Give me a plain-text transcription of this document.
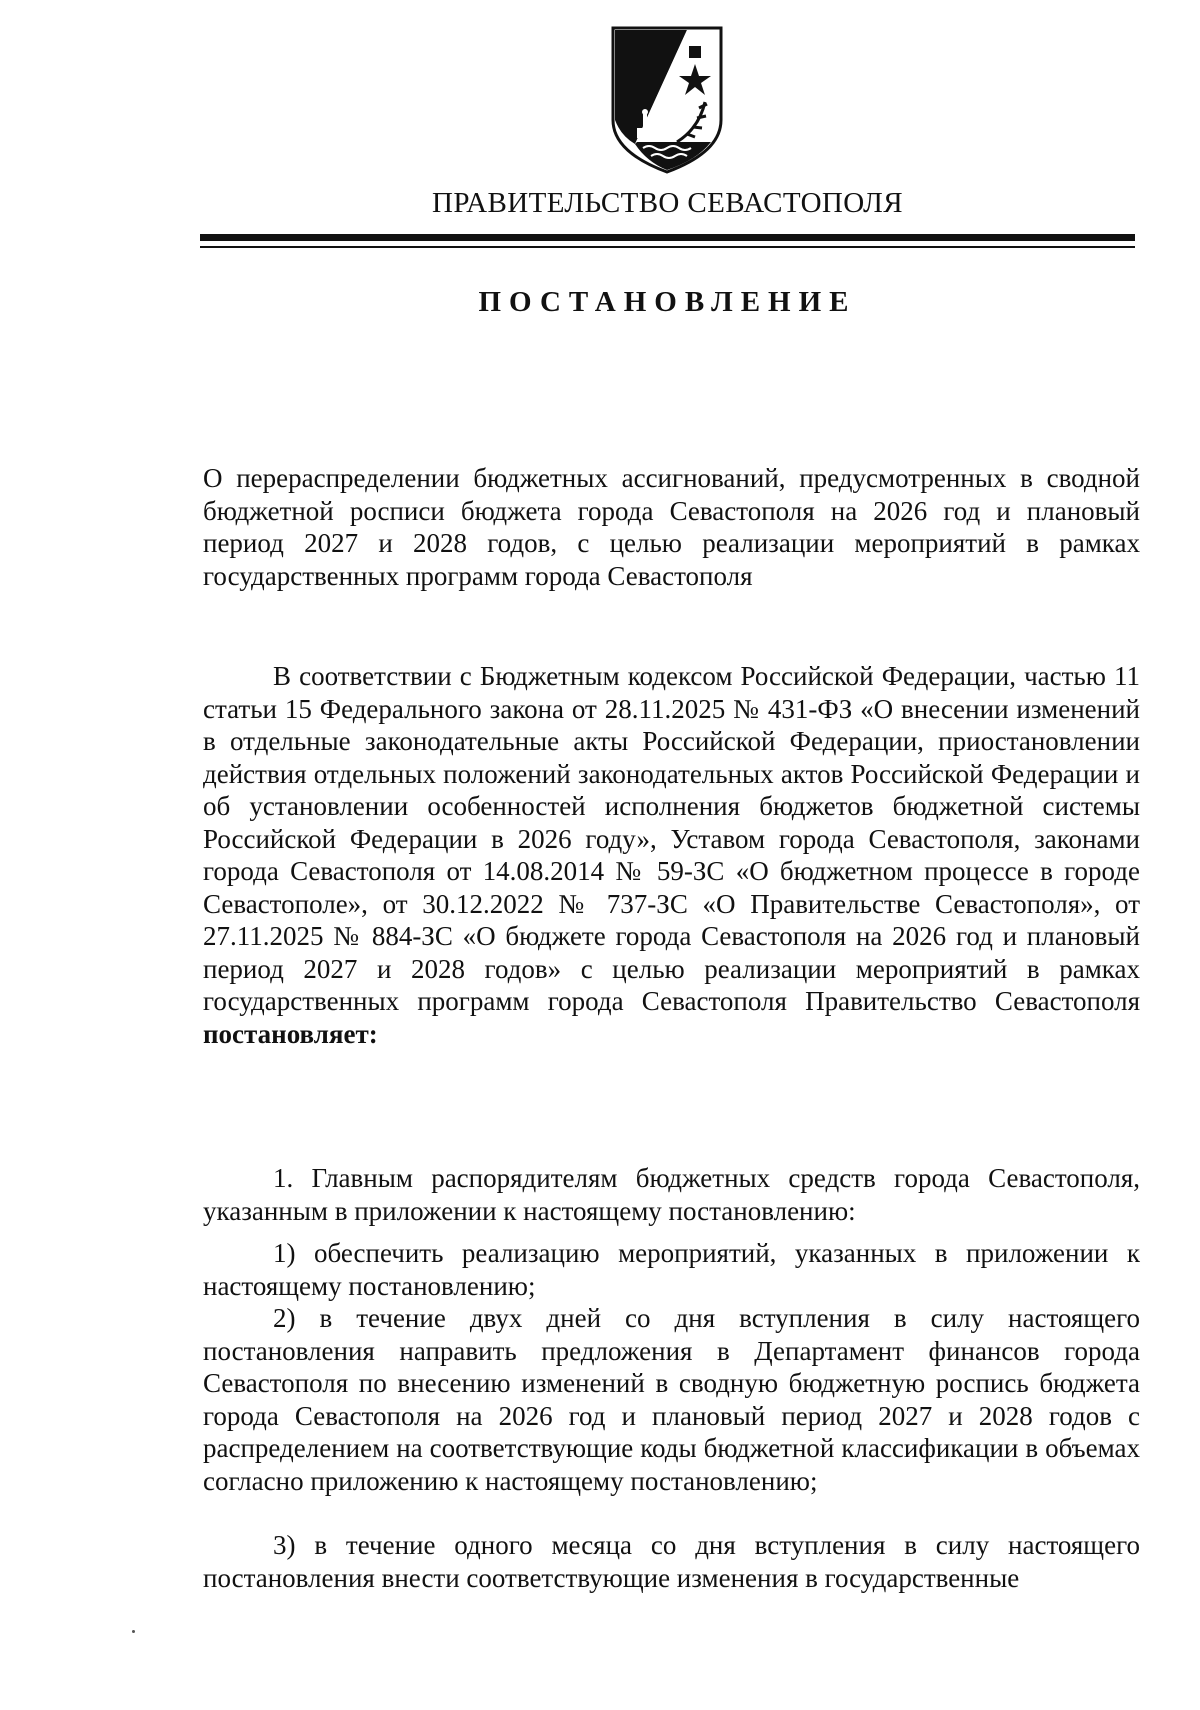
ПРАВИТЕЛЬСТВО СЕВАСТОПОЛЯ
ПОСТАНОВЛЕНИЕ
О перераспределении бюджетных ассигнований, предусмотренных в сводной бюджетной росписи бюджета города Севастополя на 2026 год и плановый период 2027 и 2028 годов, с целью реализации мероприятий в рамках государственных программ города Севастополя
В соответствии с Бюджетным кодексом Российской Федерации, частью 11 статьи 15 Федерального закона от 28.11.2025 № 431-ФЗ «О внесении изменений в отдельные законодательные акты Российской Федерации, приостановлении действия отдельных положений законодательных актов Российской Федерации и об установлении особенностей исполнения бюджетов бюджетной системы Российской Федерации в 2026 году», Уставом города Севастополя, законами города Севастополя от 14.08.2014 № 59-ЗС «О бюджетном процессе в городе Севастополе», от 30.12.2022 № 737-ЗС «О Правительстве Севастополя», от 27.11.2025 № 884-ЗС «О бюджете города Севастополя на 2026 год и плановый период 2027 и 2028 годов» с целью реализации мероприятий в рамках государственных программ города Севастополя Правительство Севастополя постановляет:
1. Главным распорядителям бюджетных средств города Севастополя, указанным в приложении к настоящему постановлению:
1) обеспечить реализацию мероприятий, указанных в приложении к настоящему постановлению;
2) в течение двух дней со дня вступления в силу настоящего постановления направить предложения в Департамент финансов города Севастополя по внесению изменений в сводную бюджетную роспись бюджета города Севастополя на 2026 год и плановый период 2027 и 2028 годов с распределением на соответствующие коды бюджетной классификации в объемах согласно приложению к настоящему постановлению;
3) в течение одного месяца со дня вступления в силу настоящего постановления внести соответствующие изменения в государственные
